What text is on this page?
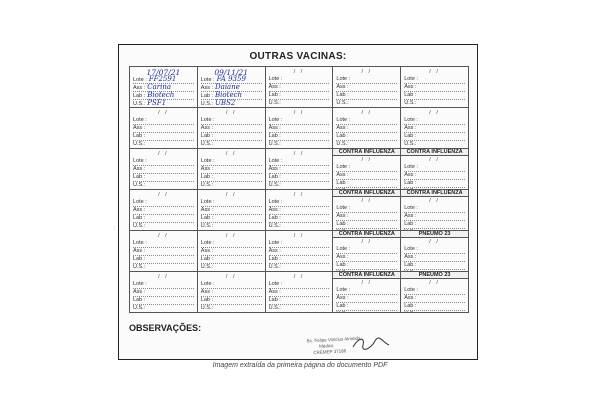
OUTRAS VACINAS:
17/07/21
Lote : FF2591
Ass : Carina
Lab : Biotech
U.S.: PSF1
09/11/21
Lote : FA 9359
Ass : Daiane
Lab : Biotech
U.S.: UBS2
/ /
Lote :
Ass :
Lab :
U.S.:
/ /
Lote :
Ass :
Lab :
U.S.:
/ /
Lote :
Ass :
Lab :
U.S.:
/ /
Lote :
Ass :
Lab :
U.S.:
/ /
Lote :
Ass :
Lab :
U.S.:
/ /
Lote :
Ass :
Lab :
U.S.:
/ /
Lote :
Ass :
Lab :
U.S.:
/ /
Lote :
Ass :
Lab :
U.S.:
/ /
Lote :
Ass :
Lab :
U.S.:
/ /
Lote :
Ass :
Lab :
U.S.:
/ /
Lote :
Ass :
Lab :
U.S.:
CONTRA INFLUENZA
/ /
Lote :
Ass :
Lab :
CONTRA INFLUENZA
/ /
Lote :
Ass :
Lab :
/ /
Lote :
Ass :
Lab :
U.S.:
/ /
Lote :
Ass :
Lab :
U.S.:
/ /
Lote :
Ass :
Lab :
U.S.:
CONTRA INFLUENZA
/ /
Lote :
Ass :
Lab :
CONTRA INFLUENZA
/ /
Lote :
Ass :
Lab :
/ /
Lote :
Ass :
Lab :
U.S.:
/ /
Lote :
Ass :
Lab :
U.S.:
/ /
Lote :
Ass :
Lab :
U.S.:
CONTRA INFLUENZA
/ /
Lote :
Ass :
Lab :
PNEUMO 23
/ /
Lote :
Ass :
Lab :
/ /
Lote :
Ass :
Lab :
U.S.:
/ /
Lote :
Ass :
Lab :
U.S.:
/ /
Lote :
Ass :
Lab :
U.S.:
CONTRA INFLUENZA
/ /
Lote :
Ass :
Lab :
PNEUMO 23
/ /
Lote :
Ass :
Lab :
OBSERVAÇÕES:
Bc. Felipe Vinicius Almeida
Médico
CREMEP 37186
:
Imagem extraída da primeira página do documento PDF
